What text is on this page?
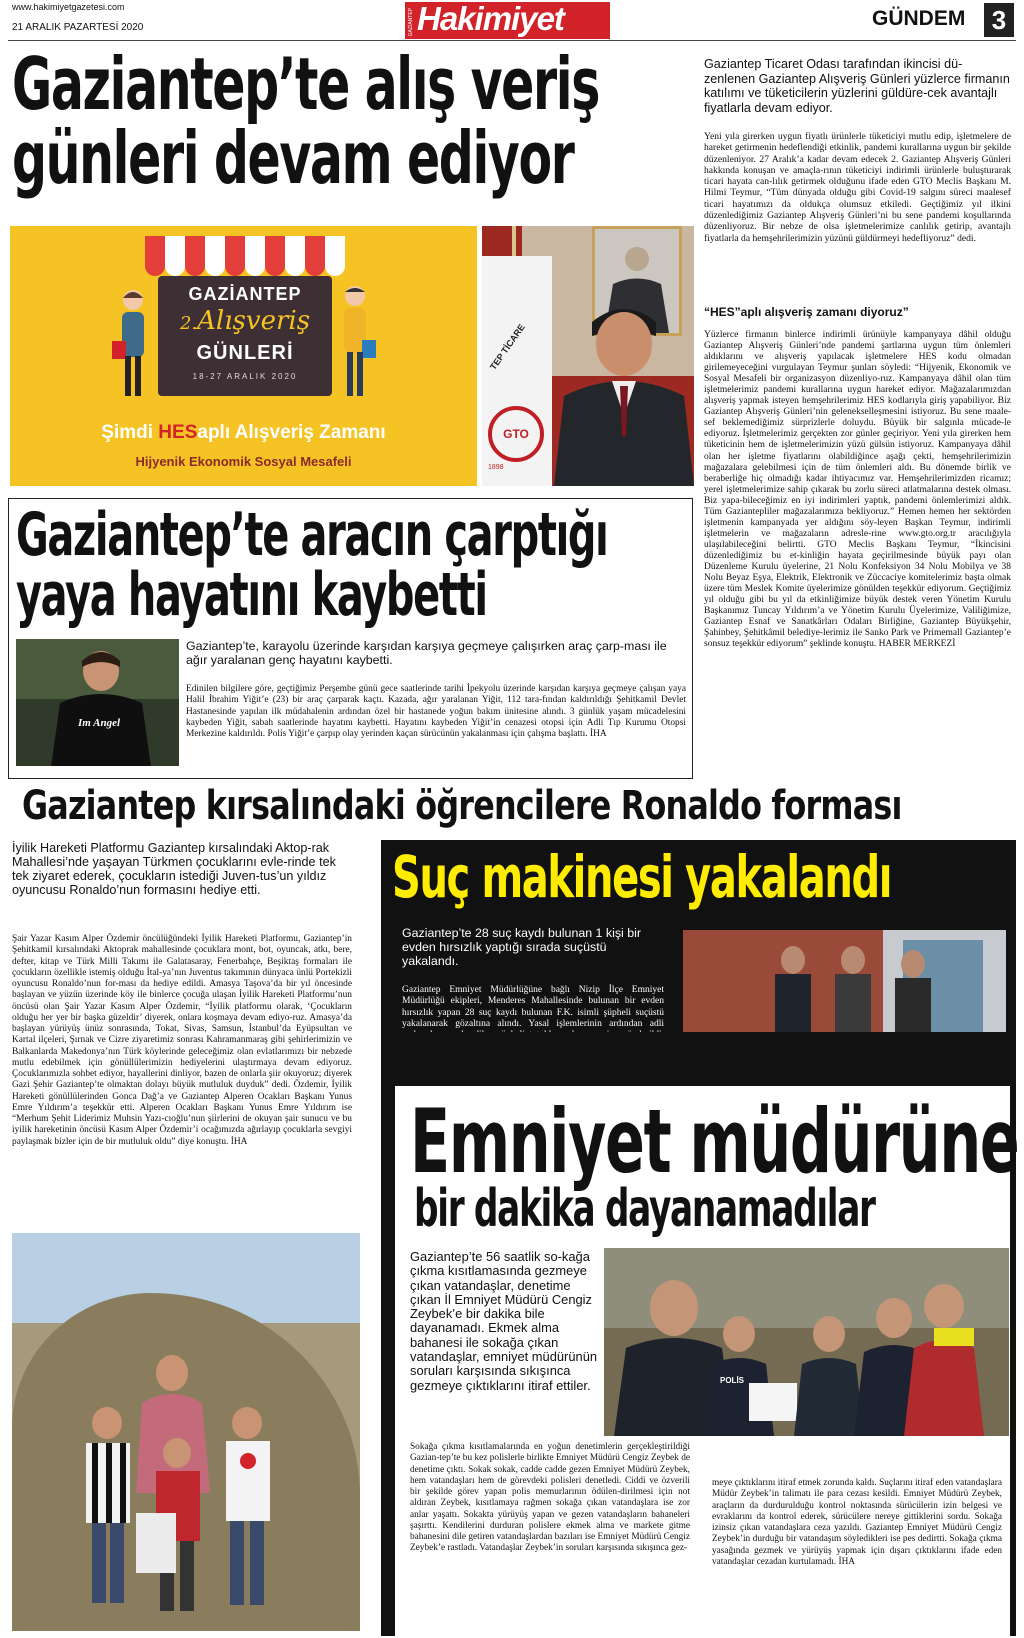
www.hakimiyetgazetesi.com
21 ARALIK PAZARTESİ 2020	GAZİANTEP Hakimiyet	GÜNDEM 3
Gaziantep’te alış veriş
günleri devam ediyor
GAZİANTEP
2.Alışveriş
GÜNLERİ
18-27 ARALIK 2020
Şimdi HESaplı Alışveriş Zamanı
Hijyenik Ekonomik Sosyal Mesafeli
TEP TİCARE
GTO
1898
Gaziantep Ticaret Odası tarafından ikincisi dü-zenlenen Gaziantep Alışveriş Günleri yüzlerce firmanın katılımı ve tüketicilerin yüzlerini güldüre-cek avantajlı fiyatlarla devam ediyor.
Yeni yıla girerken uygun fiyatlı ürünlerle tüketiciyi mutlu edip, işletmelere de hareket getirmenin hedeflendiği etkinlik, pandemi kurallarına uygun bir şekilde düzenleniyor. 27 Aralık’a kadar devam edecek 2. Gaziantep Alışveriş Günleri hakkında konuşan ve amaçla-rının tüketiciyi indirimli ürünlerle buluşturarak ticari hayata can-lılık getirmek olduğunu ifade eden GTO Meclis Başkanı M. Hilmi Teymur, “Tüm dünyada olduğu gibi Covid-19 salgını süreci maalesef ticari hayatımızı da oldukça olumsuz etkiledi. Geçtiğimiz yıl ilkini düzenlediğimiz Gaziantep Alışveriş Günleri’ni bu sene pandemi koşullarında düzenliyoruz. Bir nebze de olsa işletmelerimize canlılık getirip, avantajlı fiyatlarla da hemşehrilerimizin yüzünü güldürmeyi hedefliyoruz” dedi.
“HES”aplı alışveriş zamanı diyoruz”
Yüzlerce firmanın binlerce indirimli ürünüyle kampanyaya dâhil olduğu Gaziantep Alışveriş Günleri’nde pandemi şartlarına uygun tüm önlemleri aldıklarını ve alışveriş yapılacak işletmelere HES kodu olmadan girilemeyeceğini vurgulayan Teymur şunları söyledi: “Hijyenik, Ekonomik ve Sosyal Mesafeli bir organizasyon düzenliyo-ruz. Kampanyaya dâhil olan tüm işletmelerimiz pandemi kurallarına uygun hareket ediyor. Mağazalarımızdan alışveriş yapmak isteyen hemşehrilerimiz HES kodlarıyla giriş yapabiliyor. Biz Gaziantep Alışveriş Günleri’nin gelenekselleşmesini istiyoruz. Bu sene maale-sef beklemediğimiz sürprizlerle doluydu. Büyük bir salgınla mücade-le ediyoruz. İşletmelerimiz gerçekten zor günler geçiriyor. Yeni yıla girerken hem tüketicinin hem de işletmelerimizin yüzü gülsün istiyoruz. Kampanyaya dâhil olan her işletme fiyatlarını olabildiğince aşağı çekti, hemşehrilerimizin mağazalara gelebilmesi için de tüm önlemleri aldı. Bu dönemde birlik ve beraberliğe hiç olmadığı kadar ihtiyacımız var. Hemşehrilerimizden ricamız; yerel işletmelerimize sahip çıkarak bu zorlu süreci atlatmalarına destek olması. Biz yapa-bileceğimiz en iyi indirimleri yaptık, pandemi önlemlerimizi aldık. Tüm Gaziantepliler mağazalarımıza bekliyoruz.” Hemen hemen her sektörden işletmenin kampanyada yer aldığını söy-leyen Başkan Teymur, indirimli işletmelerin ve mağazaların adresle-rine www.gto.org.tr aracılığıyla ulaşılabileceğini belirtti. GTO Meclis Başkanı Teymur, “İkincisini düzenlediğimiz bu et-kinliğin hayata geçirilmesinde büyük payı olan Düzenleme Kurulu üyelerine, 21 Nolu Konfeksiyon 34 Nolu Mobilya ve 38 Nolu Beyaz Eşya, Elektrik, Elektronik ve Züccaciye komitelerimiz başta olmak üzere tüm Meslek Komite üyelerimize gönülden teşekkür ediyorum. Geçtiğimiz yıl olduğu gibi bu yıl da etkinliğimize büyük destek veren Yönetim Kurulu Başkanımız Tuncay Yıldırım’a ve Yönetim Kurulu Üyelerimize, Valiliğimize, Gaziantep Esnaf ve Sanatkârları Odaları Birliğine, Gaziantep Büyükşehir, Şahinbey, Şehitkâmil belediye-lerimiz ile Sanko Park ve Primemall Gaziantep’e sonsuz teşekkür ediyorum” şeklinde konuştu. HABER MERKEZİ
Gaziantep’te aracın çarptığı
yaya hayatını kaybetti
Im Angel
Gaziantep’te, karayolu üzerinde karşıdan karşıya geçmeye çalışırken araç çarp-ması ile ağır yaralanan genç hayatını kaybetti.
Edinilen bilgilere göre, geçtiğimiz Perşembe günü gece saatlerinde tarihi İpekyolu üzerinde karşıdan karşıya geçmeye çalışan yaya Halil İbrahim Yiğit’e (23) bir araç çarparak kaçtı. Kazada, ağır yaralanan Yiğit, 112 tara-fından kaldırıldığı Şehitkamil Devlet Hastanesinde yapılan ilk müdahalenin ardından özel bir hastanede yoğun bakım ünitesine alındı. 3 günlük yaşam mücadelesini kaybeden Yiğit, sabah saatlerinde hayatını kaybetti. Hayatını kaybeden Yiğit’in cenazesi otopsi için Adli Tıp Kurumu Otopsi Merkezine kaldırıldı. Polis Yiğit’e çarpıp olay yerinden kaçan sürücünün yakalanması için çalışma başlattı. İHA
Gaziantep kırsalındaki öğrencilere Ronaldo forması
İyilik Hareketi Platformu Gaziantep kırsalındaki Aktop-rak Mahallesi’nde yaşayan Türkmen çocuklarını evle-rinde tek tek ziyaret ederek, çocukların istediği Juven-tus’un yıldız oyuncusu Ronaldo’nun formasını hediye etti.
Şair Yazar Kasım Alper Özdemir öncülüğündeki İyilik Hareketi Platformu, Gaziantep’in Şehitkamil kırsalındaki Aktoprak mahallesinde çocuklara mont, bot, oyuncak, atkı, bere, defter, kitap ve Türk Milli Takımı ile Galatasaray, Fenerbahçe, Beşiktaş formaları ile çocukların özellikle istemiş olduğu İtal-ya’nın Juventus takımının dünyaca ünlü Portekizli oyuncusu Ronaldo’nun for-ması da hediye edildi. Amasya Taşova’da bir yıl öncesinde başlayan ve yüzün üzerinde köy ile binlerce çocuğa ulaşan İyilik Hareketi Platformu’nun öncüsü olan Şair Yazar Kasım Alper Özdemir, “İyilik platformu olarak, ‘Çocukların olduğu her yer bir başka güzeldir’ diyerek, onlara koşmaya devam ediyo-ruz. Amasya’da başlayan yürüyüş ünüz sonrasında, Tokat, Sivas, Samsun, İstanbul’da Eyüpsultan ve Kartal ilçeleri, Şırnak ve Cizre ziyaretimiz sonrası Kahramanmaraş gibi şehirlerimizin ve Balkanlarda Makedonya’nın Türk köylerinde geleceğimiz olan evlatlarımızı bir nebzede mutlu edebilmek için gönüllülerimizin hediyelerini ulaştırmaya devam ediyoruz. Çocuklarımızla sohbet ediyor, hayallerini dinliyor, bazen de onlarla şiir okuyoruz; diyerek Gazi Şehir Gaziantep’te olmaktan dolayı büyük mutluluk duyduk” dedi. Özdemir, İyilik Hareketi gönüllülerinden Gonca Dağ’a ve Gaziantep Alperen Ocakları Başkanı Yunus Emre Yıldırım’a teşekkür etti. Alperen Ocakları Başkanı Yunus Emre Yıldırım ise “Merhum Şehit Liderimiz Muhsin Yazı-cıoğlu’nun şiirlerini de okuyan şair sunucu ve bu iyilik hareketinin öncüsü Kasım Alper Özdemir’i ocağımızda ağırlayıp çocuklarla sevgiyi paylaşmak bizler için de bir mutluluk oldu” diye konuştu. İHA
Suç makinesi yakalandı
Gaziantep’te 28 suç kaydı bulunan 1 kişi bir evden hırsızlık yaptığı sırada suçüstü yakalandı.
Gaziantep Emniyet Müdürlüğüne bağlı Nizip İlçe Emniyet Müdürlüğü ekipleri, Menderes Mahallesinde bulunan bir evden hırsızlık yapan 28 suç kaydı bulunan F.K. isimli şüpheli suçüstü yakalanarak gözaltına alındı. Yasal işlemlerinin ardından adli
Emniyet müdürüne
bir dakika dayanamadılar
Gaziantep’te 56 saatlik so-kağa çıkma kısıtlamasında gezmeye çıkan vatandaşlar, denetime çıkan İl Emniyet Müdürü Cengiz Zeybek’e bir dakika bile dayanamadı. Ekmek alma bahanesi ile sokağa çıkan vatandaşlar, emniyet müdürünün soruları karşısında sıkışınca gezmeye çıktıklarını itiraf ettiler.	POLİS
Sokağa çıkma kısıtlamalarında en yoğun denetimlerin gerçekleştirildiği Gazian-tep’te bu kez polislerle birlikte Emniyet Müdürü Cengiz Zeybek de denetime çıktı. Sokak sokak, cadde cadde gezen Emniyet Müdürü Zeybek, hem vatandaşları hem de görevdeki polisleri denetledi. Ciddi ve özverili bir şekilde görev yapan polis memurlarının ödülen-dirilmesi için not aldıran Zeybek, kısıtlamaya rağmen sokağa çıkan vatandaşlara ise zor anlar yaşattı. Sokakta yürüyüş yapan ve gezen vatandaşların bahaneleri şaşırttı. Kendilerini durduran polislere ekmek alma ve markete gitme bahanesini dile getiren vatandaşlardan bazıları ise Emniyet Müdürü Cengiz Zeybek’e rastladı. Vatandaşlar Zeybek’in soruları karşısında sıkışınca gez-
meye çıktıklarını itiraf etmek zorunda kaldı. Suçlarını itiraf eden vatandaşlara Müdür Zeybek’in talimatı ile para cezası kesildi. Emniyet Müdürü Zeybek, araçların da durdurulduğu kontrol noktasında sürücülerin izin belgesi ve evraklarını da kontrol ederek, sürücülere nereye gittiklerini sordu. Sokağa izinsiz çıkan vatandaşlara ceza yazıldı. Gaziantep Emniyet Müdürü Cengiz Zeybek’in durduğu bir vatandaşım söyledikleri ise pes dedirtti. Sokağa çıkma yasağında gezmek ve yürüyüş yapmak için dışarı çıktıklarını ifade eden vatandaşlar cezadan kurtulamadı. İHA
